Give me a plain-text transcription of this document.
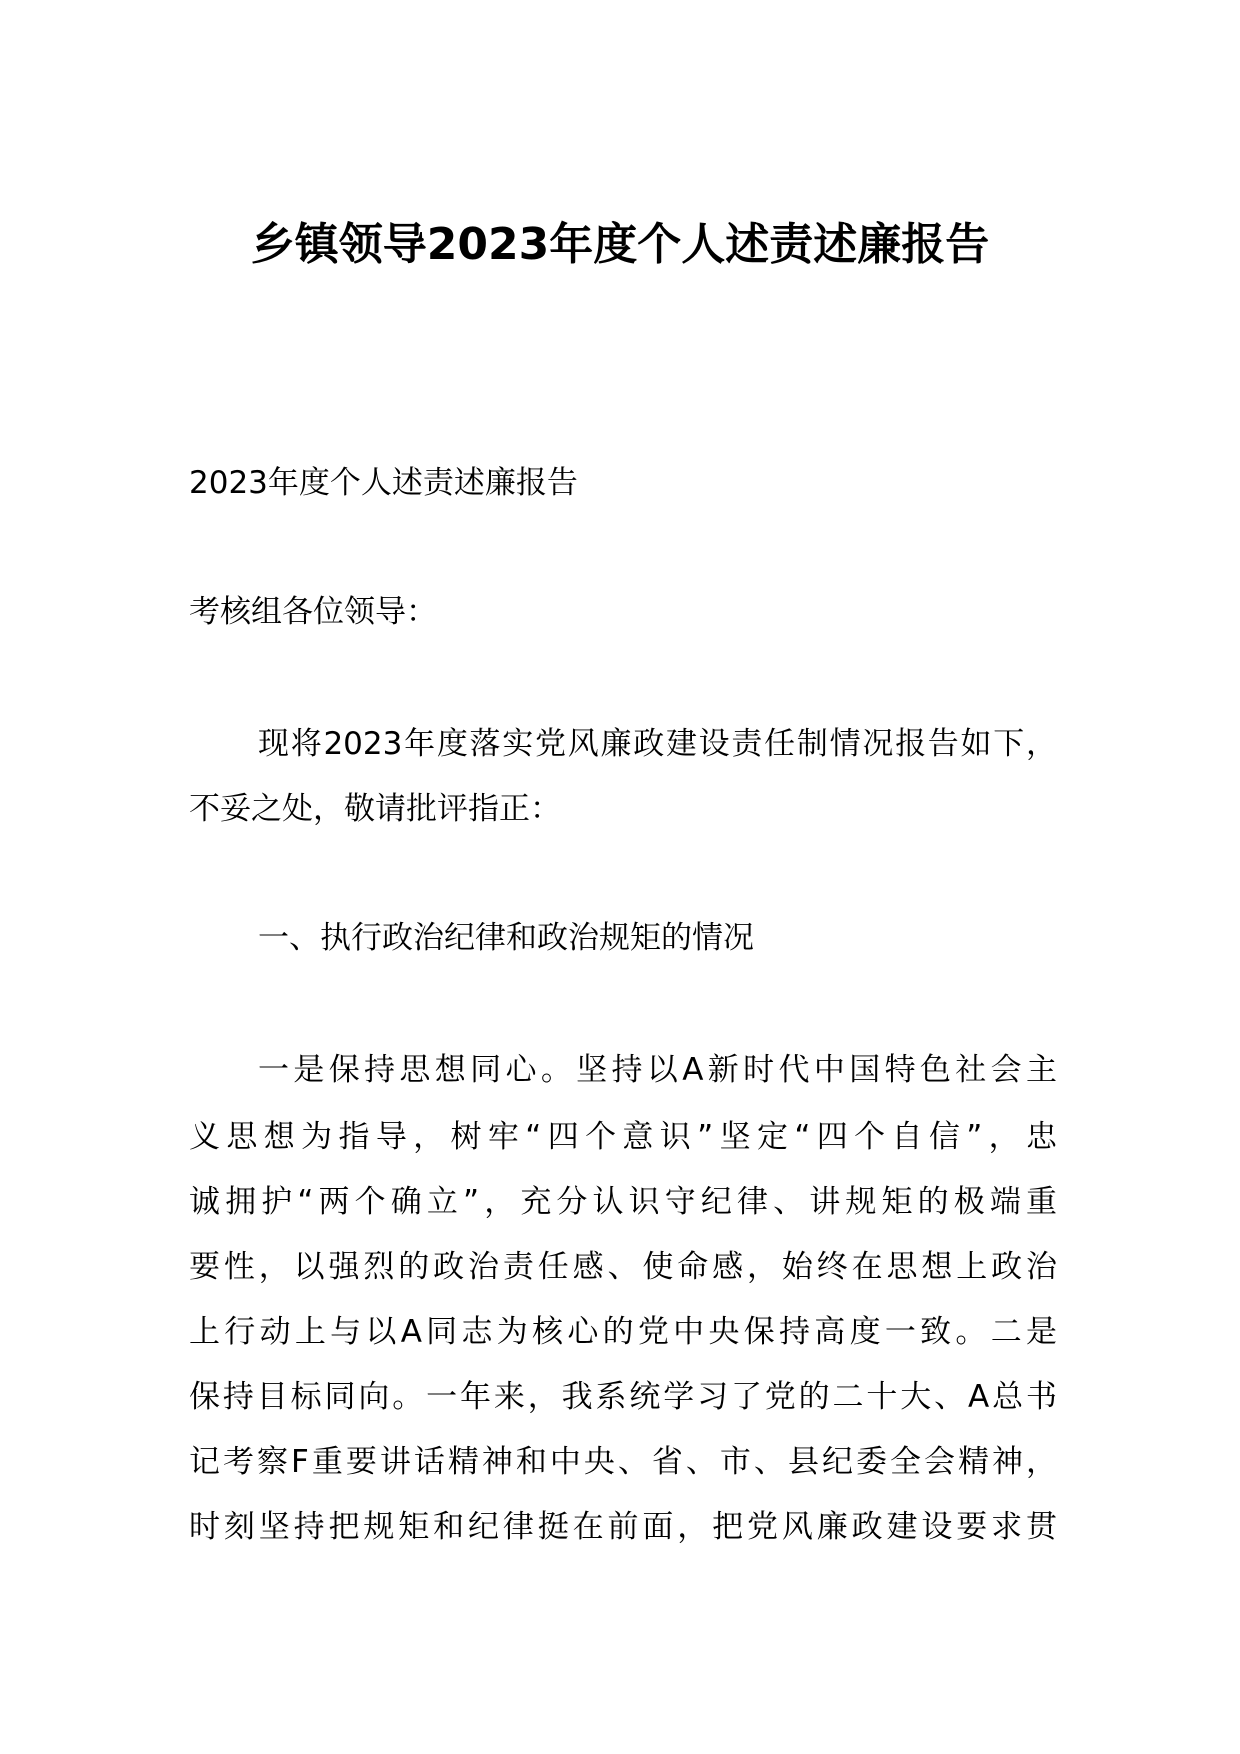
乡镇领导2023年度个人述责述廉报告
2023年度个人述责述廉报告
考核组各位领导：
现将2023年度落实党风廉政建设责任制情况报告如下，
不妥之处，敬请批评指正：
一、执行政治纪律和政治规矩的情况
一是保持思想同心。坚持以A新时代中国特色社会主
义思想为指导，树牢“四个意识”坚定“四个自信”，忠
诚拥护“两个确立”，充分认识守纪律、讲规矩的极端重
要性，以强烈的政治责任感、使命感，始终在思想上政治
上行动上与以A同志为核心的党中央保持高度一致。二是
保持目标同向。一年来，我系统学习了党的二十大、A总书
记考察F重要讲话精神和中央、省、市、县纪委全会精神，
时刻坚持把规矩和纪律挺在前面，把党风廉政建设要求贯
